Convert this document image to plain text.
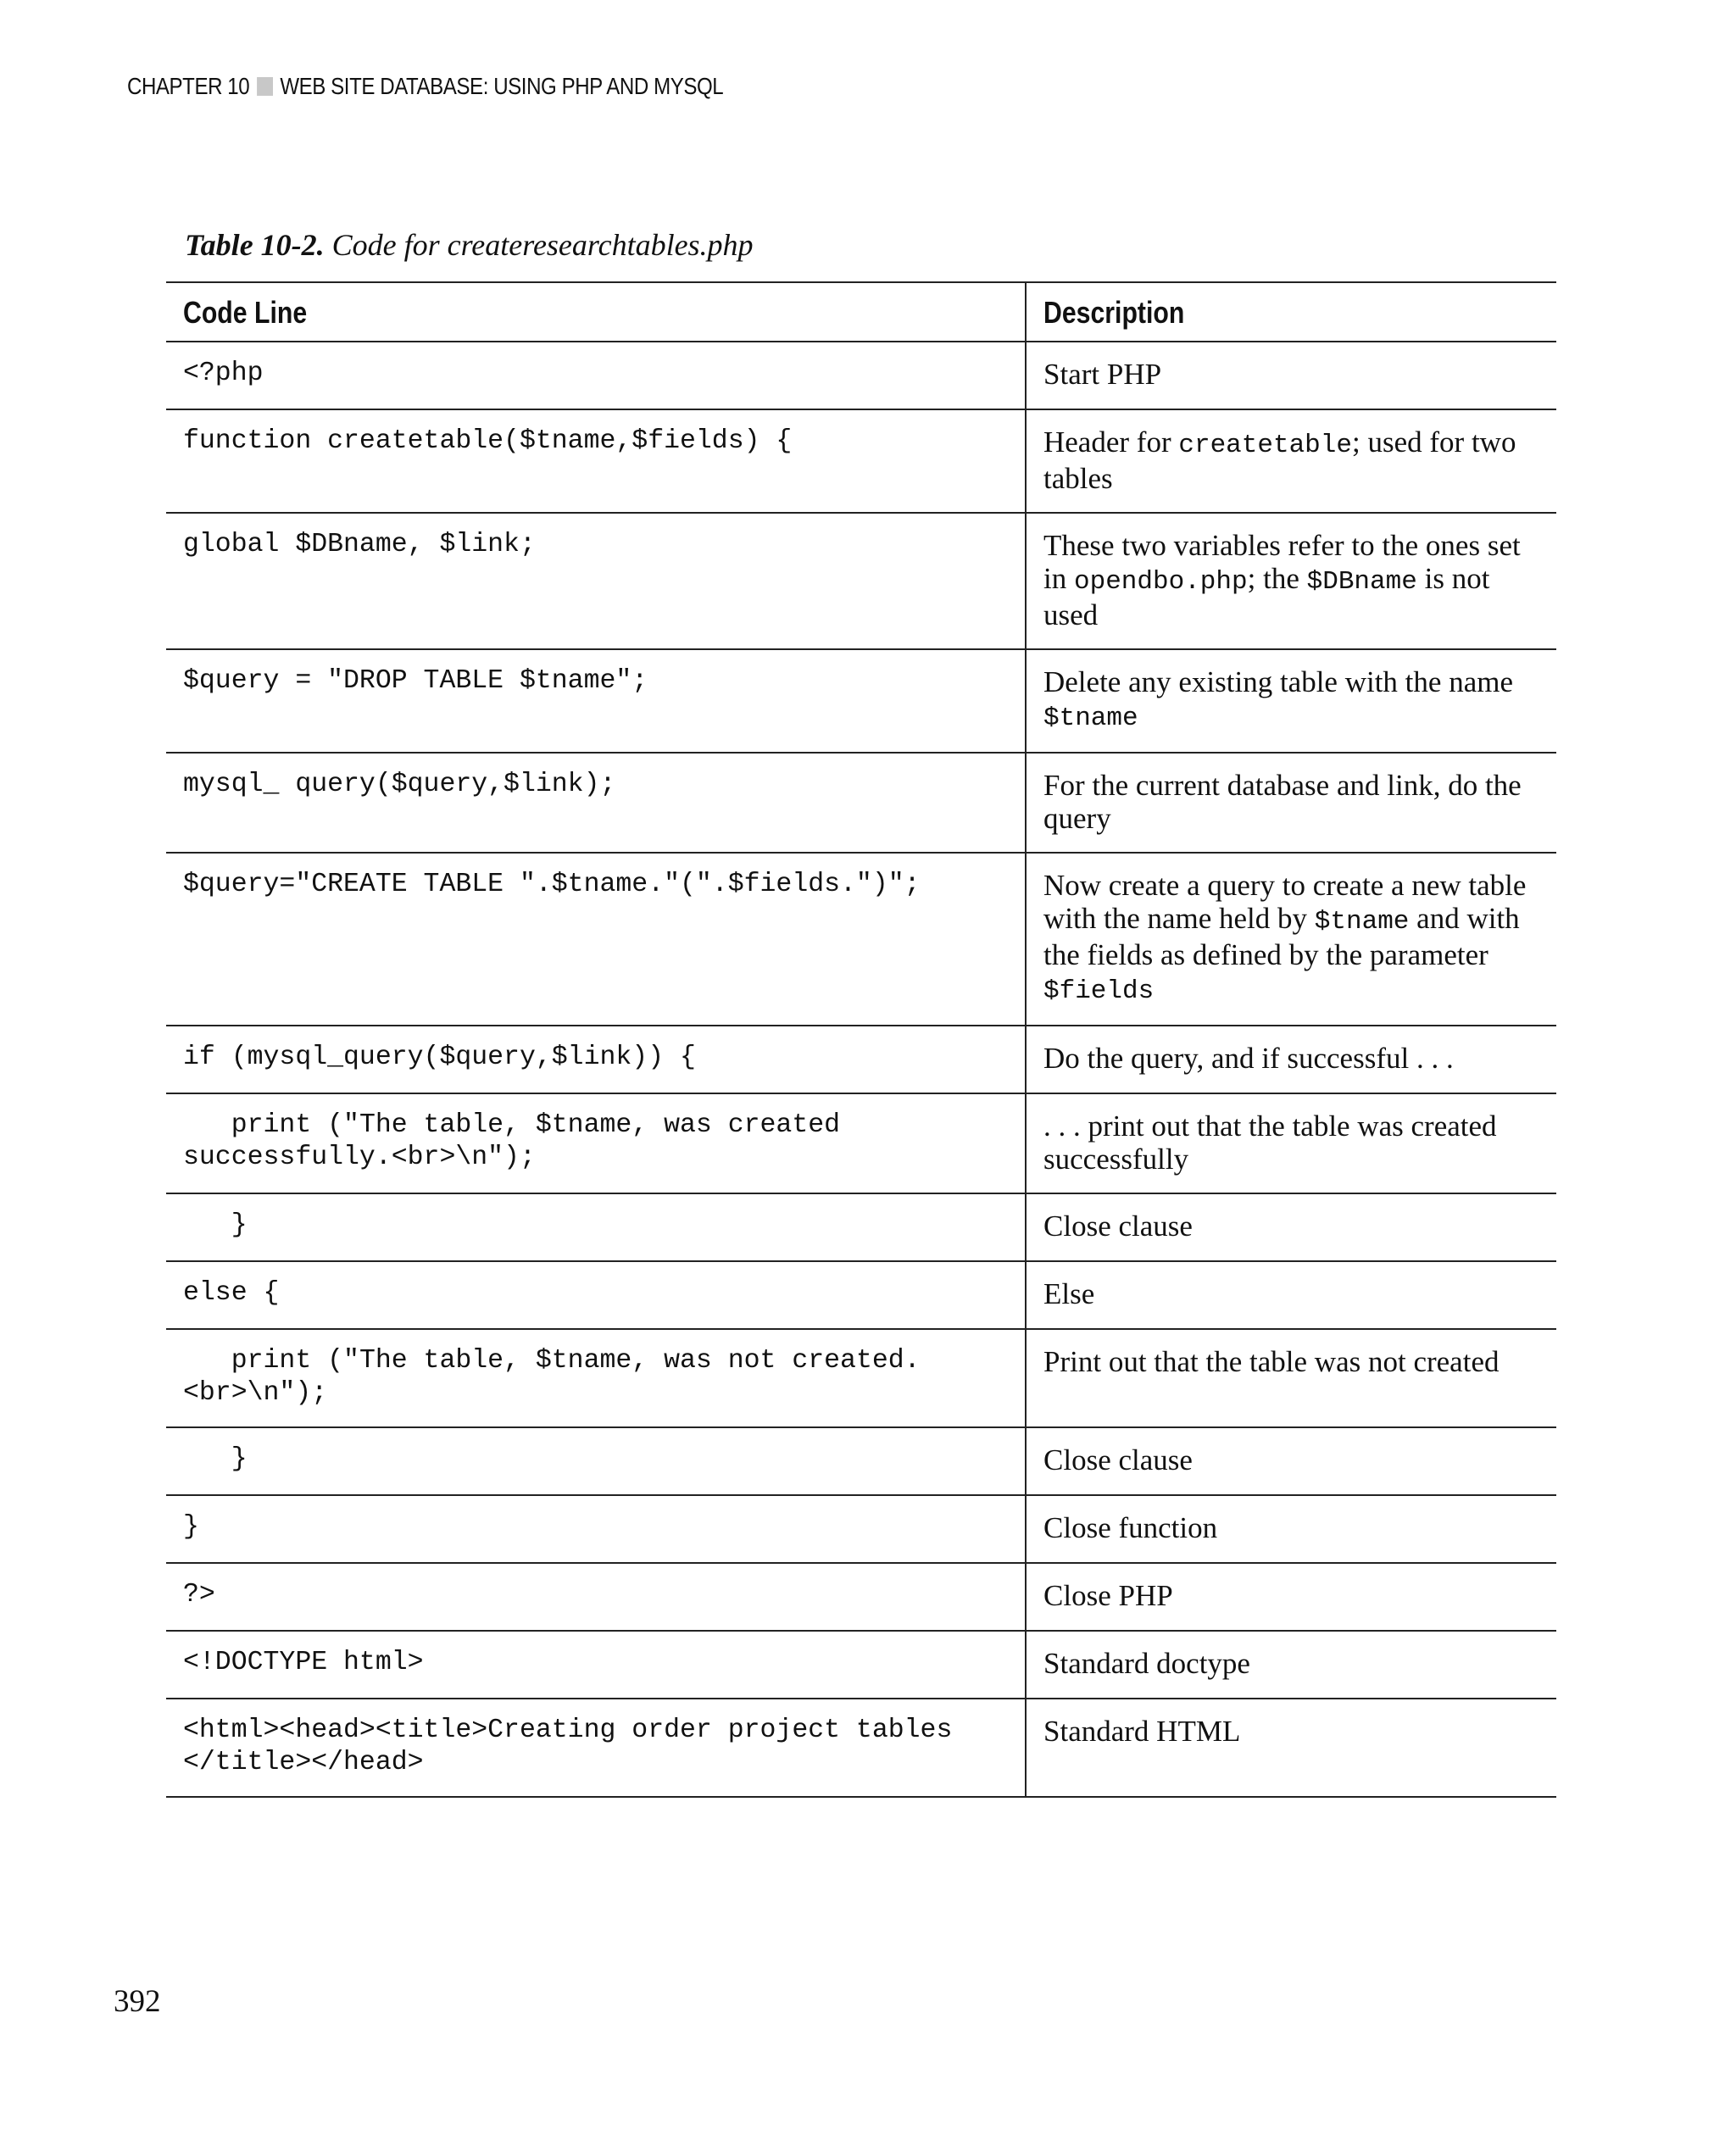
CHAPTER 10 WEB SITE DATABASE: USING PHP AND MYSQL
Table 10-2. Code for createresearchtables.php
Code Line	Description
<?php	Start PHP
function createtable($tname,$fields) {	Header for createtable; used for two tables
global $DBname, $link;	These two variables refer to the ones set in opendbo.php; the $DBname is not used
$query = "DROP TABLE $tname";	Delete any existing table with the name $tname
mysql_ query($query,$link);	For the current database and link, do the query
$query="CREATE TABLE ".$tname."(".$fields.")";	Now create a query to create a new table with the name held by $tname and with the fields as defined by the parameter $fields
if (mysql_query($query,$link)) {	Do the query, and if successful . . .
print ("The table, $tname, was created successfully.<br>\n");	. . . print out that the table was created successfully
}	Close clause
else {	Else
print ("The table, $tname, was not created. <br>\n");	Print out that the table was not created
}	Close clause
}	Close function
?>	Close PHP
<!DOCTYPE html>	Standard doctype
<html><head><title>Creating order project tables </title></head>	Standard HTML
392
